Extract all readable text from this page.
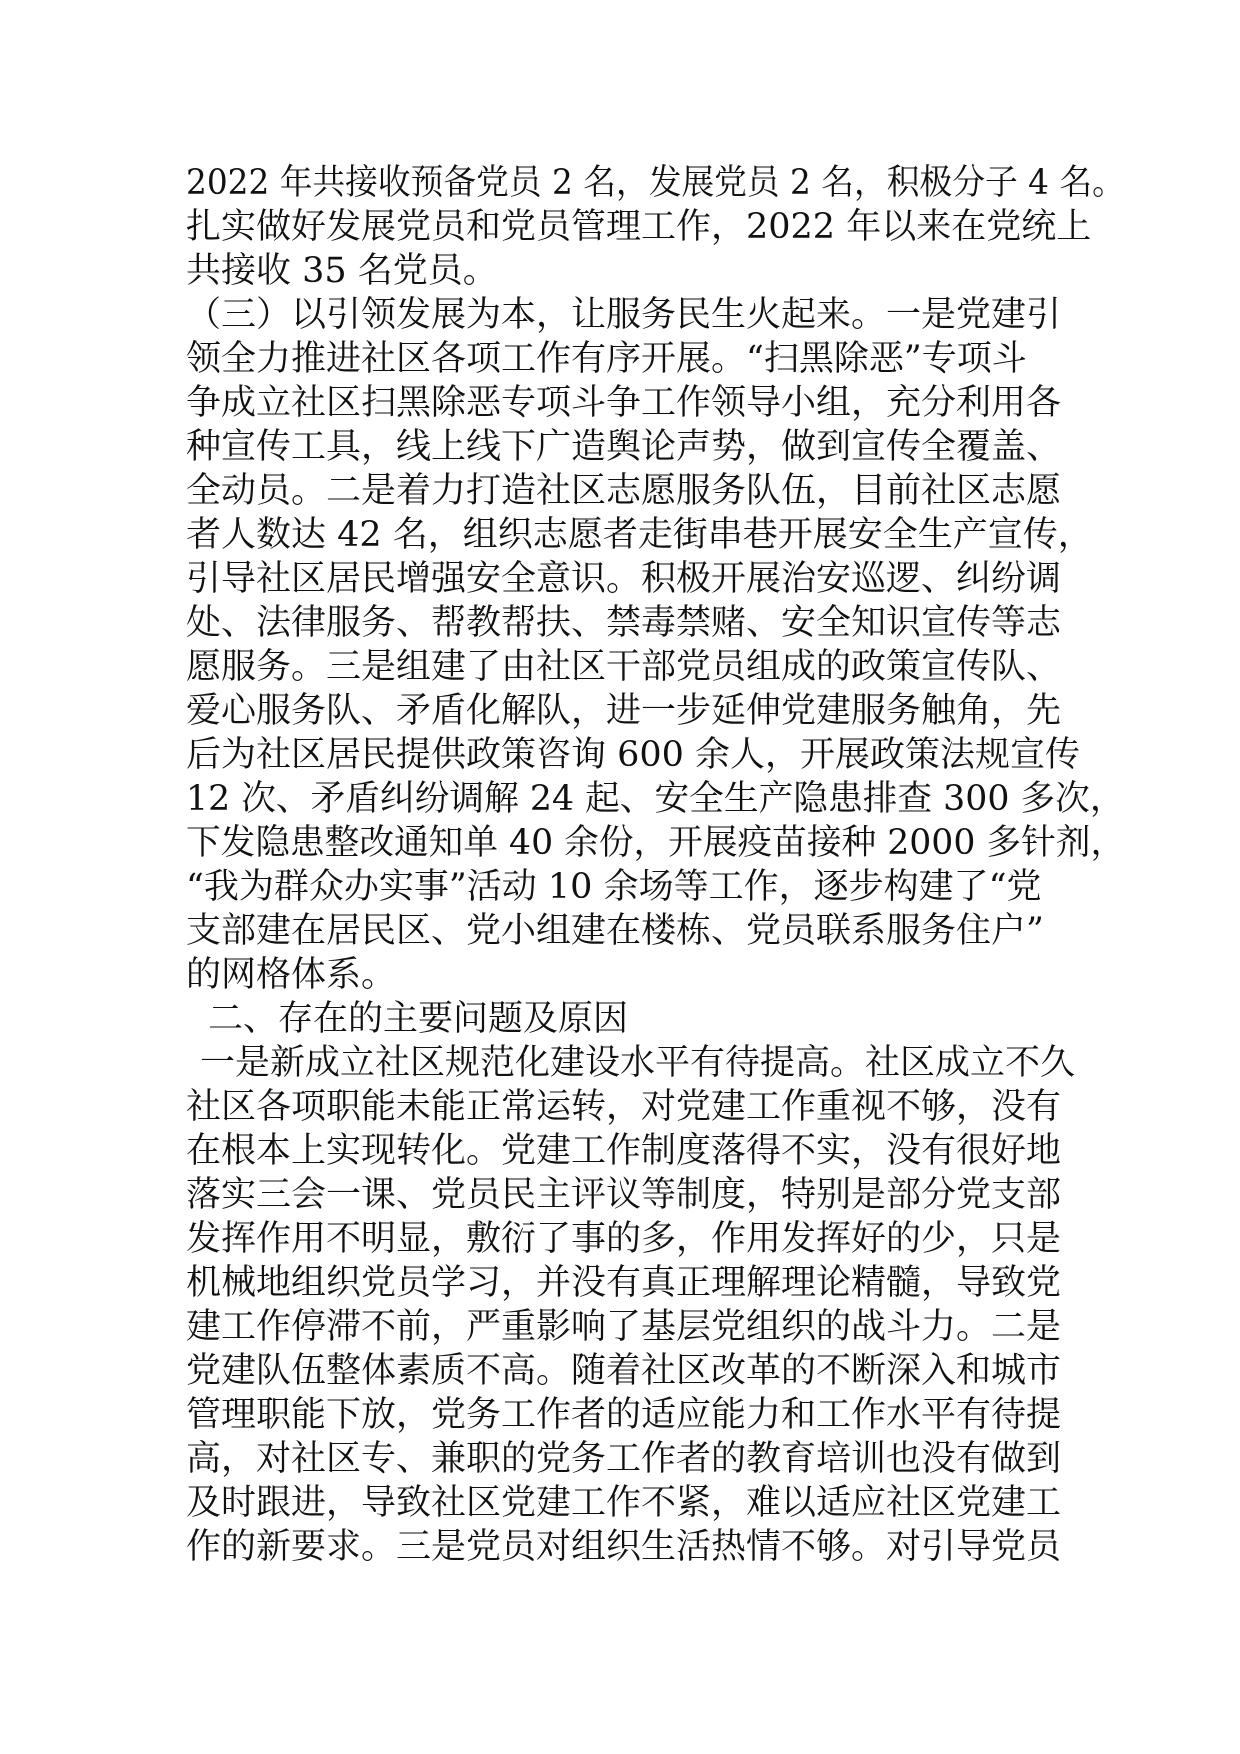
2022 年共接收预备党员 2 名，发展党员 2 名，积极分子 4 名。

扎实做好发展党员和党员管理工作，2022 年以来在党统上

共接收 35 名党员。

（三）以引领发展为本，让服务民生火起来。一是党建引

领全力推进社区各项工作有序开展。“扫黑除恶”专项斗

争成立社区扫黑除恶专项斗争工作领导小组，充分利用各

种宣传工具，线上线下广造舆论声势，做到宣传全覆盖、

全动员。二是着力打造社区志愿服务队伍，目前社区志愿

者人数达 42 名，组织志愿者走街串巷开展安全生产宣传，

引导社区居民增强安全意识。积极开展治安巡逻、纠纷调

处、法律服务、帮教帮扶、禁毒禁赌、安全知识宣传等志

愿服务。三是组建了由社区干部党员组成的政策宣传队、

爱心服务队、矛盾化解队，进一步延伸党建服务触角，先

后为社区居民提供政策咨询 600 余人，开展政策法规宣传

12 次、矛盾纠纷调解 24 起、安全生产隐患排查 300 多次，

下发隐患整改通知单 40 余份，开展疫苗接种 2000 多针剂，

“我为群众办实事”活动 10 余场等工作，逐步构建了“党

支部建在居民区、党小组建在楼栋、党员联系服务住户”

的网格体系。

二、存在的主要问题及原因

一是新成立社区规范化建设水平有待提高。社区成立不久

社区各项职能未能正常运转，对党建工作重视不够，没有

在根本上实现转化。党建工作制度落得不实，没有很好地

落实三会一课、党员民主评议等制度，特别是部分党支部

发挥作用不明显，敷衍了事的多，作用发挥好的少，只是

机械地组织党员学习，并没有真正理解理论精髓，导致党

建工作停滞不前，严重影响了基层党组织的战斗力。二是

党建队伍整体素质不高。随着社区改革的不断深入和城市

管理职能下放，党务工作者的适应能力和工作水平有待提

高，对社区专、兼职的党务工作者的教育培训也没有做到

及时跟进，导致社区党建工作不紧，难以适应社区党建工

作的新要求。三是党员对组织生活热情不够。对引导党员
